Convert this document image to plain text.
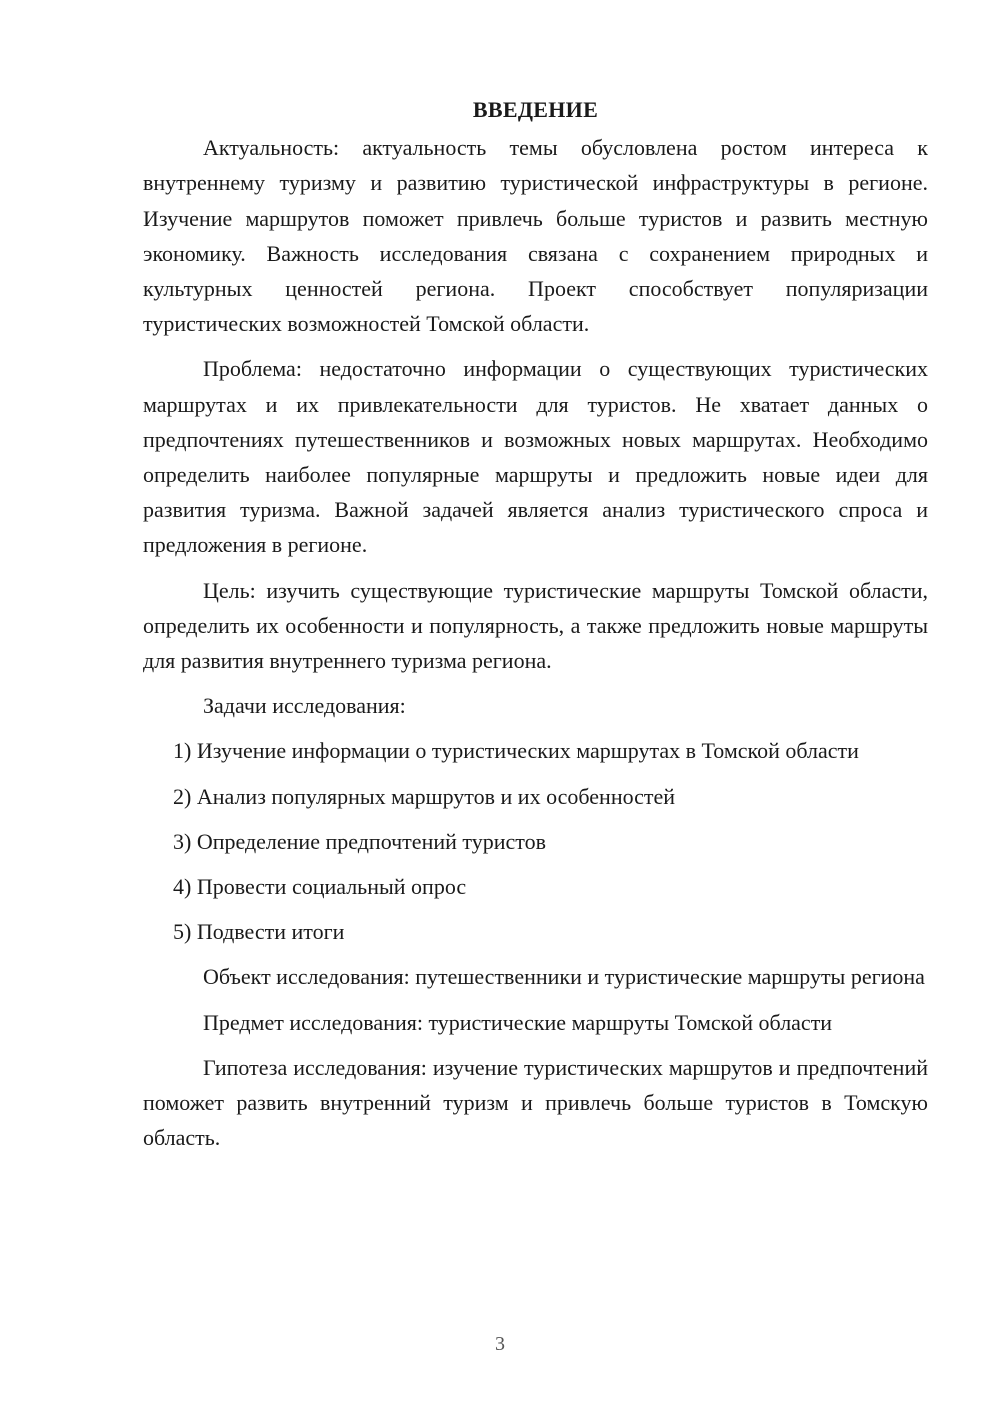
ВВЕДЕНИЕ

Актуальность: актуальность темы обусловлена ростом интереса к внутреннему туризму и развитию туристической инфраструктуры в регионе. Изучение маршрутов поможет привлечь больше туристов и развить местную экономику. Важность исследования связана с сохранением природных и культурных ценностей региона. Проект способствует популяризации туристических возможностей Томской области.

Проблема: недостаточно информации о существующих туристических маршрутах и их привлекательности для туристов. Не хватает данных о предпочтениях путешественников и возможных новых маршрутах. Необходимо определить наиболее популярные маршруты и предложить новые идеи для развития туризма. Важной задачей является анализ туристического спроса и предложения в регионе.

Цель: изучить существующие туристические маршруты Томской области, определить их особенности и популярность, а также предложить новые маршруты для развития внутреннего туризма региона.

Задачи исследования:

1) Изучение информации о туристических маршрутах в Томской области

2) Анализ популярных маршрутов и их особенностей

3) Определение предпочтений туристов

4) Провести социальный опрос

5) Подвести итоги

Объект исследования: путешественники и туристические маршруты региона

Предмет исследования: туристические маршруты Томской области

Гипотеза исследования: изучение туристических маршрутов и предпочтений поможет развить внутренний туризм и привлечь больше туристов в Томскую область.

3
